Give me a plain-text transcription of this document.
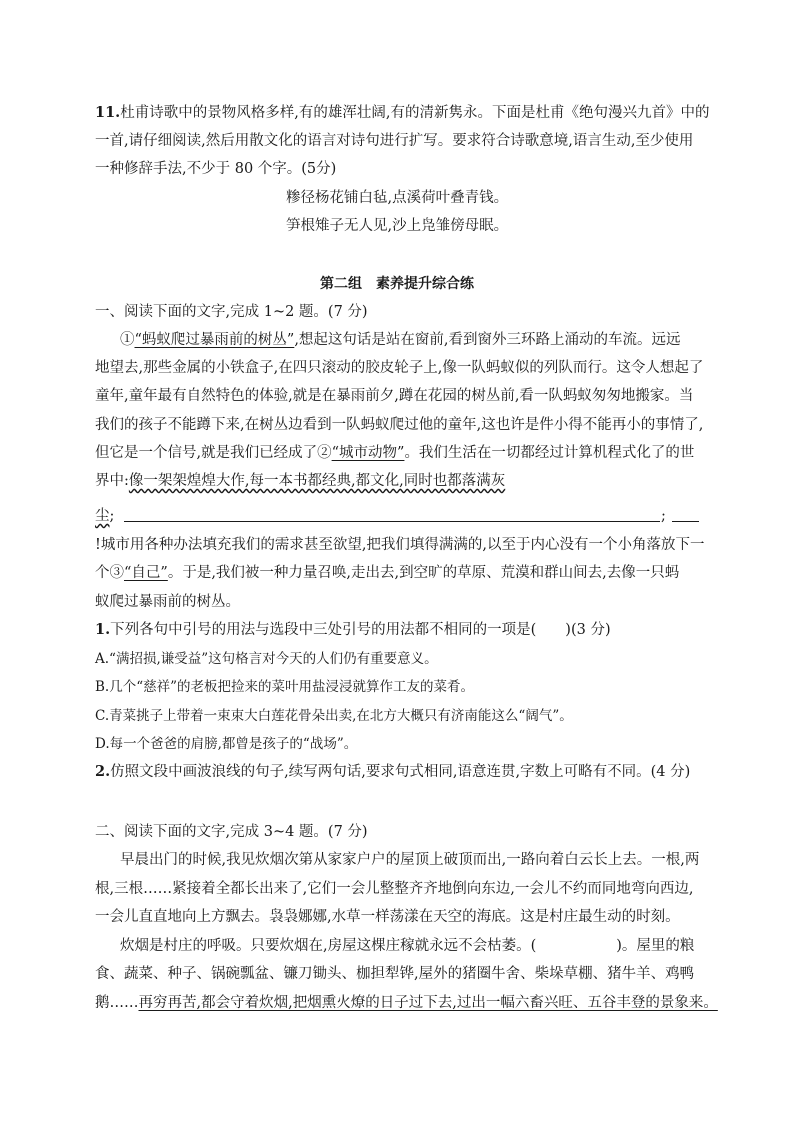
11.杜甫诗歌中的景物风格多样,有的雄浑壮阔,有的清新隽永。下面是杜甫《绝句漫兴九首》中的
一首,请仔细阅读,然后用散文化的语言对诗句进行扩写。要求符合诗歌意境,语言生动,至少使用
一种修辞手法,不少于 80 个字。(5分)
糁径杨花铺白毡,点溪荷叶叠青钱。
笋根雉子无人见,沙上凫雏傍母眠。
第二组　素养提升综合练
一、阅读下面的文字,完成 1~2 题。(7 分)
①“蚂蚁爬过暴雨前的树丛”,想起这句话是站在窗前,看到窗外三环路上涌动的车流。远远
地望去,那些金属的小铁盒子,在四只滚动的胶皮轮子上,像一队蚂蚁似的列队而行。这令人想起了
童年,童年最有自然特色的体验,就是在暴雨前夕,蹲在花园的树丛前,看一队蚂蚁匆匆地搬家。当
我们的孩子不能蹲下来,在树丛边看到一队蚂蚁爬过他的童年,这也许是件小得不能再小的事情了,
但它是一个信号,就是我们已经成了②“城市动物”。我们生活在一切都经过计算机程式化了的世
界中:像一架架煌煌大作,每一本书都经典,都文化,同时也都落满灰
尘;	;
!城市用各种办法填充我们的需求甚至欲望,把我们填得满满的,以至于内心没有一个小角落放下一
个③“自己”。于是,我们被一种力量召唤,走出去,到空旷的草原、荒漠和群山间去,去像一只蚂
蚁爬过暴雨前的树丛。
1.下列各句中引号的用法与选段中三处引号的用法都不相同的一项是(　　)(3 分)
A.“满招损,谦受益”这句格言对今天的人们仍有重要意义。
B.几个“慈祥”的老板把捡来的菜叶用盐浸浸就算作工友的菜肴。
C.青菜挑子上带着一束束大白莲花骨朵出卖,在北方大概只有济南能这么“阔气”。
D.每一个爸爸的肩膀,都曾是孩子的“战场”。
2.仿照文段中画波浪线的句子,续写两句话,要求句式相同,语意连贯,字数上可略有不同。(4 分)
二、阅读下面的文字,完成 3~4 题。(7 分)
早晨出门的时候,我见炊烟次第从家家户户的屋顶上破顶而出,一路向着白云长上去。一根,两
根,三根……紧接着全都长出来了,它们一会儿整整齐齐地倒向东边,一会儿不约而同地弯向西边,
一会儿直直地向上方飘去。袅袅娜娜,水草一样荡漾在天空的海底。这是村庄最生动的时刻。
炊烟是村庄的呼吸。只要炊烟在,房屋这棵庄稼就永远不会枯萎。(	)。屋里的粮
食、蔬菜、种子、锅碗瓢盆、镰刀锄头、枷担犁铧,屋外的猪圈牛舍、柴垛草棚、猪牛羊、鸡鸭
鹅……再穷再苦,都会守着炊烟,把烟熏火燎的日子过下去,过出一幅六畜兴旺、五谷丰登的景象来。
